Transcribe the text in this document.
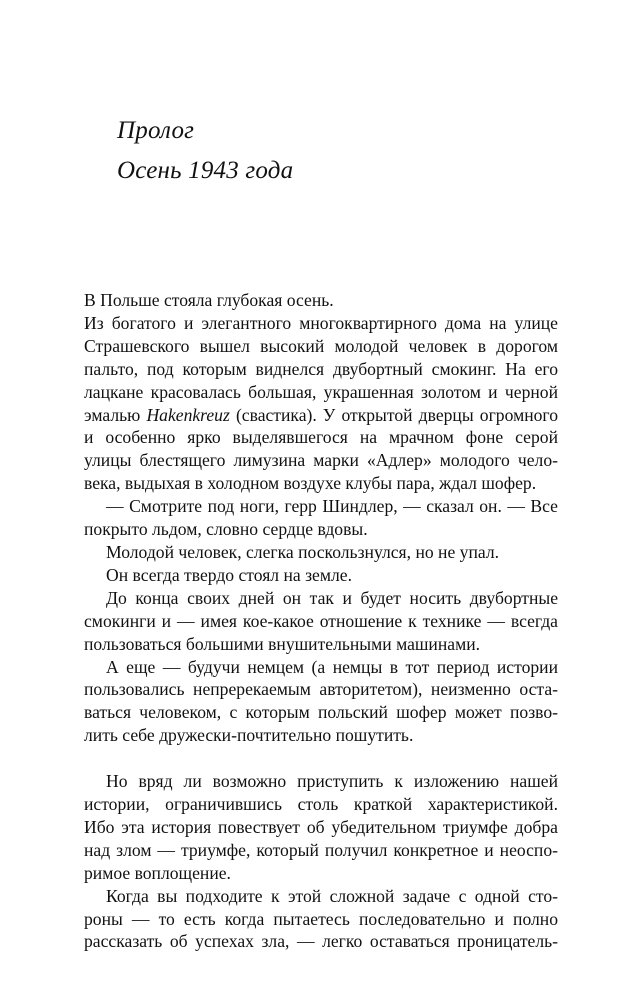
Пролог
Осень 1943 года

В Польше стояла глубокая осень.

Из богатого и элегантного многоквартирного дома на улице
Страшевского вышел высокий молодой человек в дорогом
пальто, под которым виднелся двубортный смокинг. На его
лацкане красовалась большая, украшенная золотом и черной
эмалью Hakenkreuz (свастика). У открытой дверцы огромного
и особенно ярко выделявшегося на мрачном фоне серой
улицы блестящего лимузина марки «Адлер» молодого чело-
века, выдыхая в холодном воздухе клубы пара, ждал шофер.

— Смотрите под ноги, герр Шиндлер, — сказал он. — Все
покрыто льдом, словно сердце вдовы.

Молодой человек, слегка поскользнулся, но не упал.

Он всегда твердо стоял на земле.

До конца своих дней он так и будет носить двубортные
смокинги и — имея кое-какое отношение к технике — всегда
пользоваться большими внушительными машинами.

А еще — будучи немцем (а немцы в тот период истории
пользовались непререкаемым авторитетом), неизменно оста-
ваться человеком, с которым польский шофер может позво-
лить себе дружески-почтительно пошутить.

Но вряд ли возможно приступить к изложению нашей
истории, ограничившись столь краткой характеристикой.
Ибо эта история повествует об убедительном триумфе добра
над злом — триумфе, который получил конкретное и неоспо-
римое воплощение.

Когда вы подходите к этой сложной задаче с одной сто-
роны — то есть когда пытаетесь последовательно и полно
рассказать об успехах зла, — легко оставаться проницатель-
